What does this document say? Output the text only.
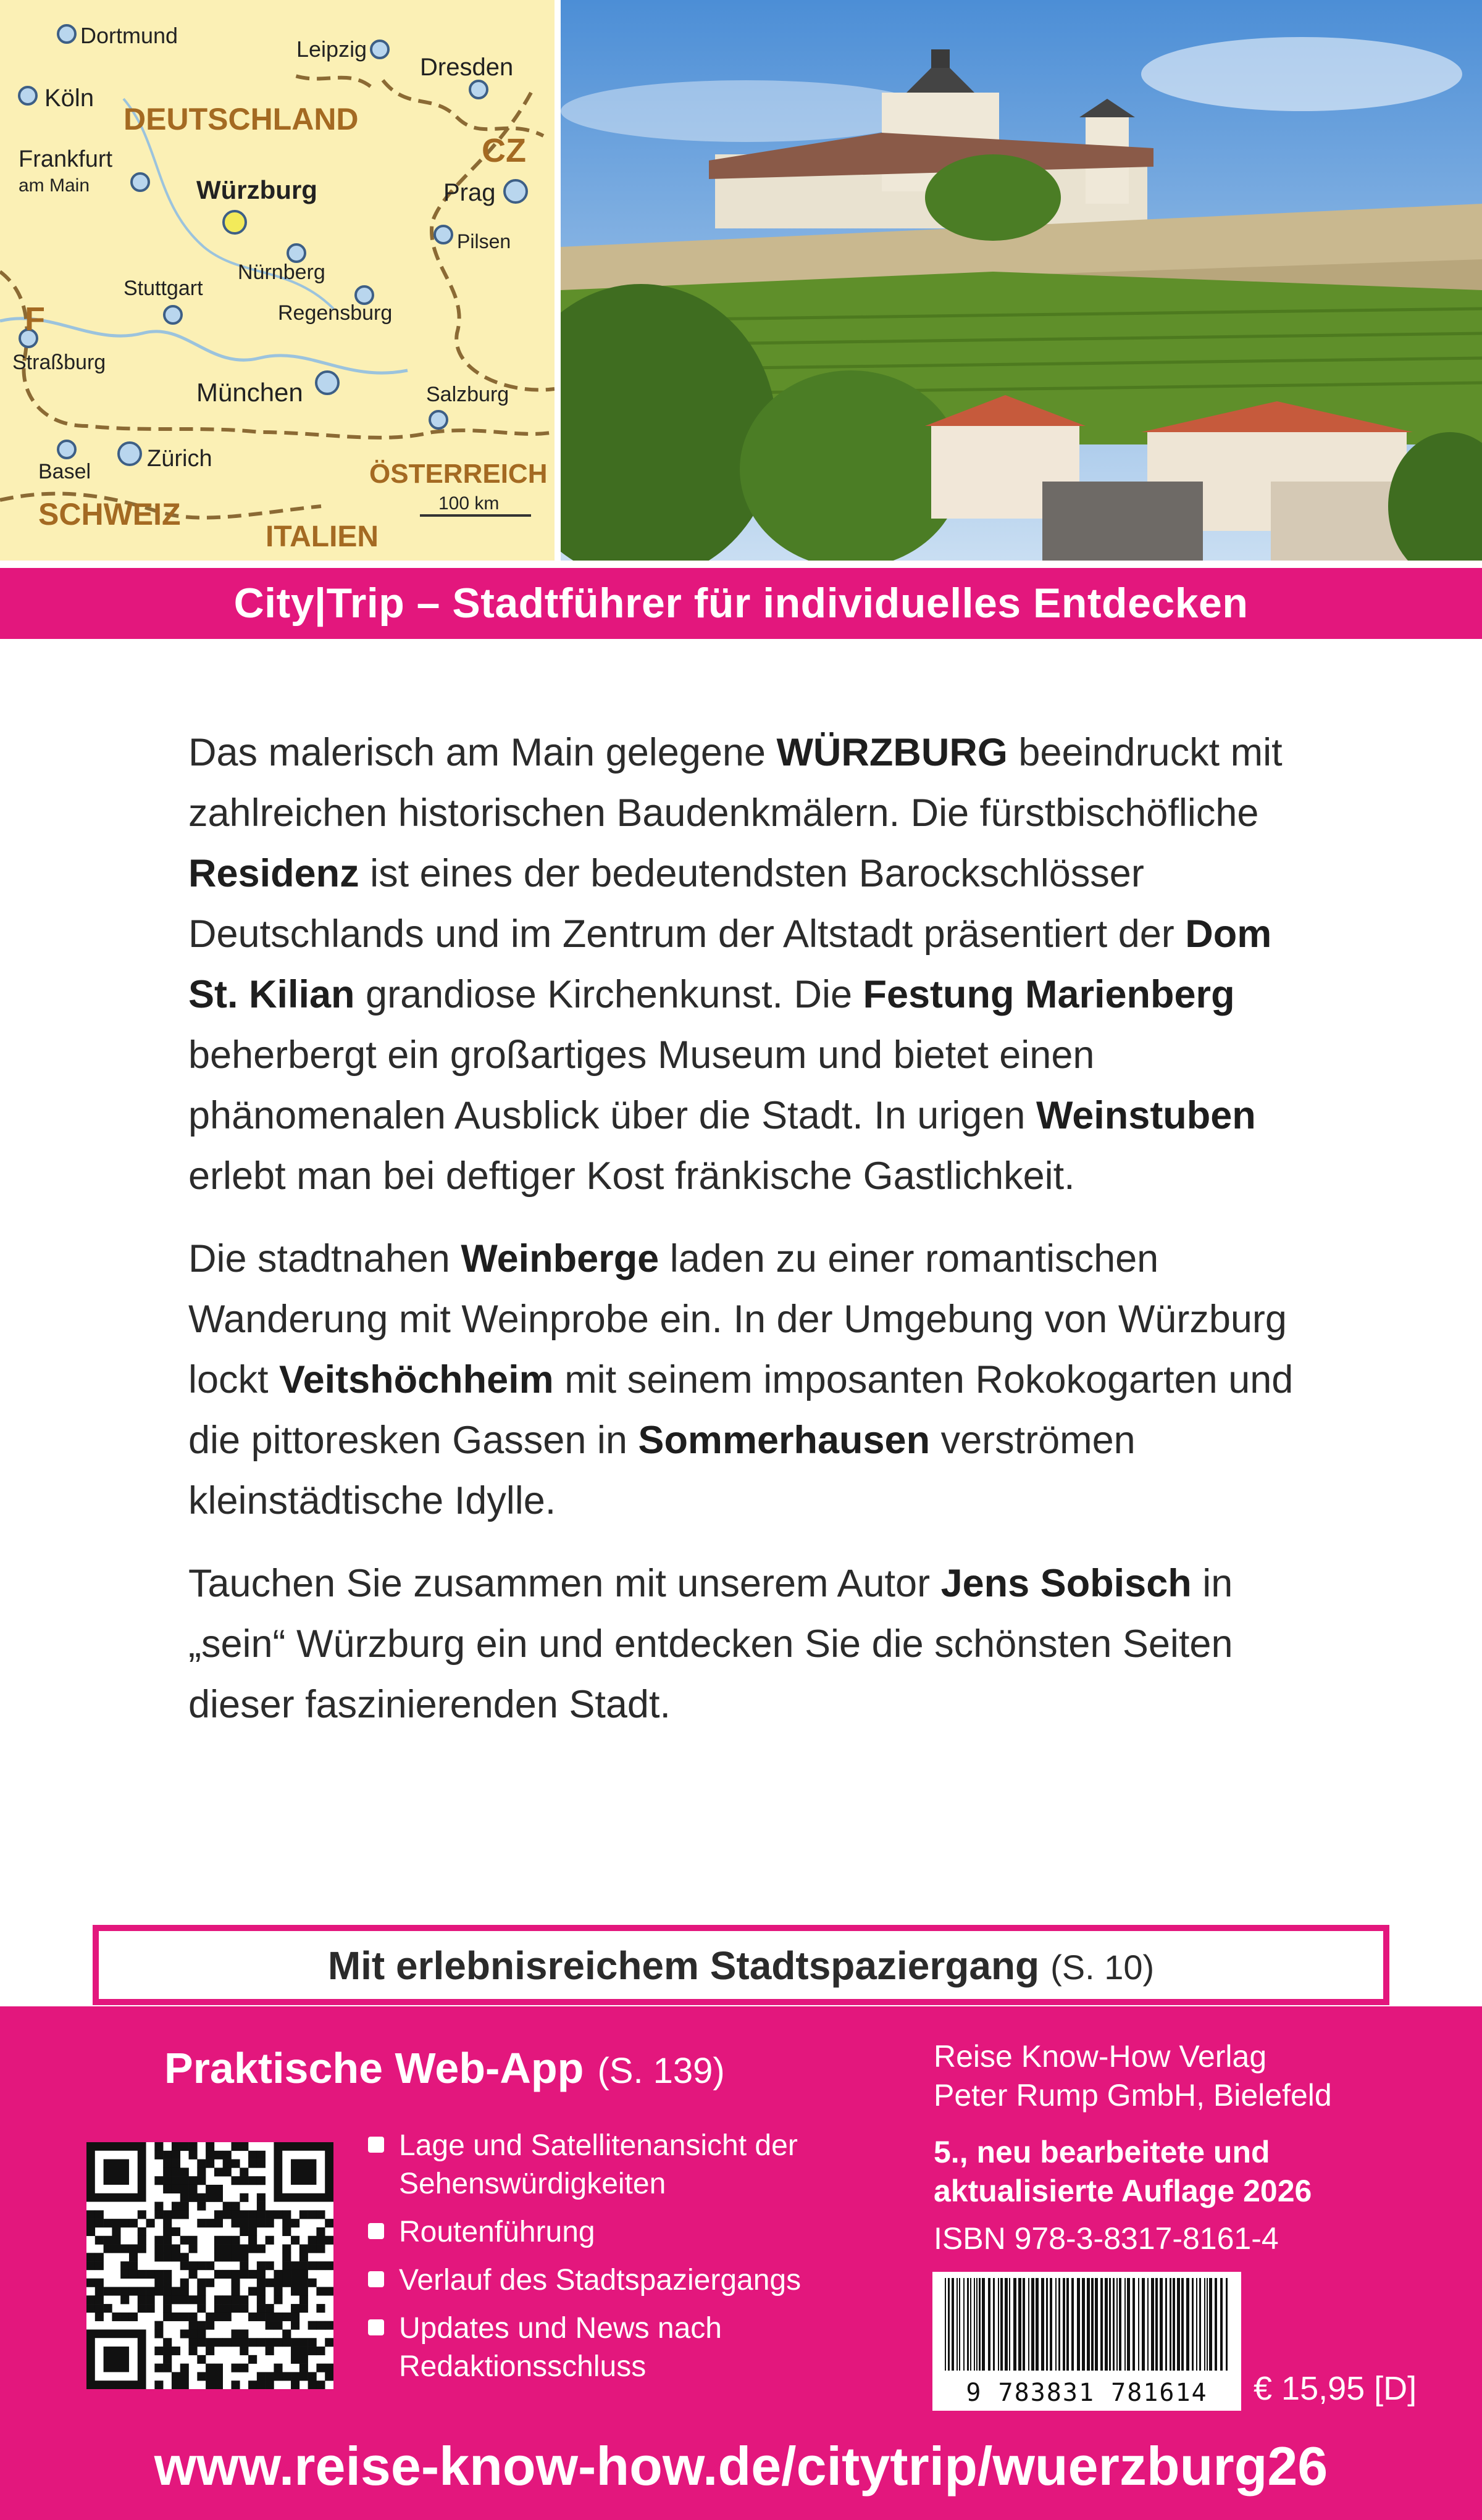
Dortmund
Leipzig
Dresden
Köln
Frankfurt
am Main	Würzburg	Prag
Pilsen
Nürnberg
Stuttgart
Regensburg
Straßburg
München	Salzburg
Basel Zürich
DEUTSCHLAND
CZ
F
ÖSTERREICH
SCHWEIZ
ITALIEN
100 km
City|Trip – Stadtführer für individuelles Entdecken

Das malerisch am Main gelegene WÜRZBURG beeindruckt mit zahlreichen historischen Baudenkmälern. Die fürstbischöfliche Residenz ist eines der bedeutendsten Barockschlösser Deutschlands und im Zentrum der Altstadt präsentiert der Dom St. Kilian grandiose Kirchenkunst. Die Festung Marienberg beherbergt ein großartiges Museum und bietet einen phänomenalen Ausblick über die Stadt. In urigen Weinstuben erlebt man bei deftiger Kost fränkische Gastlichkeit.

Die stadtnahen Weinberge laden zu einer romantischen Wanderung mit Weinprobe ein. In der Umgebung von Würzburg lockt Veitshöchheim mit seinem imposanten Rokokogarten und die pittoresken Gassen in Sommerhausen verströmen kleinstädtische Idylle.

Tauchen Sie zusammen mit unserem Autor Jens Sobisch in „sein“ Würzburg ein und entdecken Sie die schönsten Seiten dieser faszinierenden Stadt.

Mit erlebnisreichem Stadtspaziergang (S. 10)
Praktische Web-App (S. 139)
Lage und Satellitenansicht der Sehenswürdigkeiten
Routenführung
Verlauf des Stadtspaziergangs
Updates und News nach Redaktionsschluss
Reise Know-How Verlag
Peter Rump GmbH, Bielefeld
5., neu bearbeitete und
aktualisierte Auflage 2026
ISBN 978-3-8317-8161-4
9 783831 781614	€ 15,95 [D]
www.reise-know-how.de/citytrip/wuerzburg26
